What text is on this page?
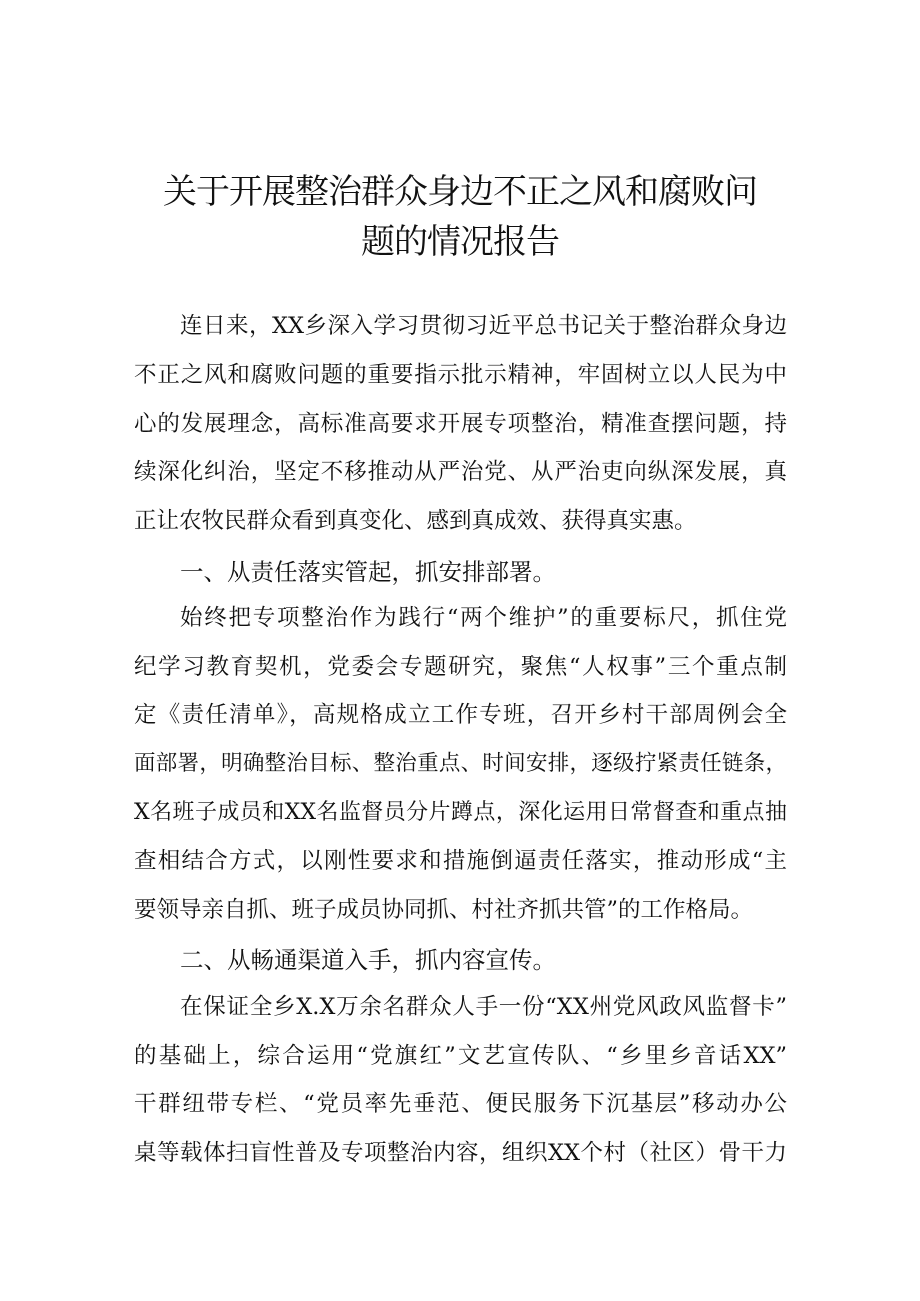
关于开展整治群众身边不正之风和腐败问
题的情况报告
连日来，XX乡深入学习贯彻习近平总书记关于整治群众身边
不正之风和腐败问题的重要指示批示精神，牢固树立以人民为中
心的发展理念，高标准高要求开展专项整治，精准查摆问题，持
续深化纠治，坚定不移推动从严治党、从严治吏向纵深发展，真
正让农牧民群众看到真变化、感到真成效、获得真实惠。
一、从责任落实管起，抓安排部署。
始终把专项整治作为践行“两个维护”的重要标尺，抓住党
纪学习教育契机，党委会专题研究，聚焦“人权事”三个重点制
定《责任清单》，高规格成立工作专班，召开乡村干部周例会全
面部署，明确整治目标、整治重点、时间安排，逐级拧紧责任链条，
X名班子成员和XX名监督员分片蹲点，深化运用日常督查和重点抽
查相结合方式，以刚性要求和措施倒逼责任落实，推动形成“主
要领导亲自抓、班子成员协同抓、村社齐抓共管”的工作格局。
二、从畅通渠道入手，抓内容宣传。
在保证全乡X.X万余名群众人手一份“XX州党风政风监督卡”
的基础上，综合运用“党旗红”文艺宣传队、“乡里乡音话XX”
干群纽带专栏、“党员率先垂范、便民服务下沉基层”移动办公
桌等载体扫盲性普及专项整治内容，组织XX个村（社区）骨干力
